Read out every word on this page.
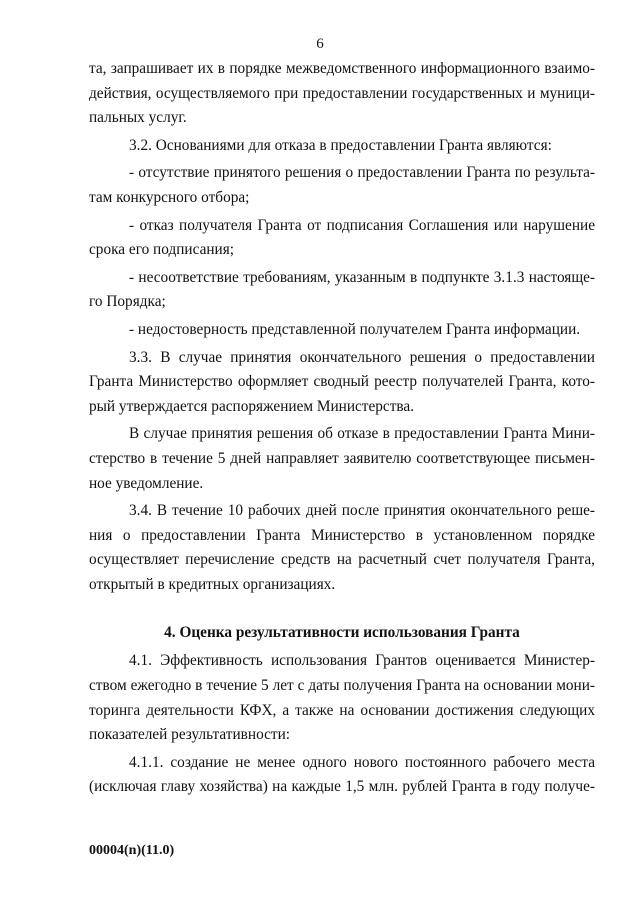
6

та, запрашивает их в порядке межведомственного информационного взаимо-

действия, осуществляемого при предоставлении государственных и муници-

пальных услуг.

3.2. Основаниями для отказа в предоставлении Гранта являются:

- отсутствие принятого решения о предоставлении Гранта по результа-

там конкурсного отбора;

- отказ получателя Гранта от подписания Соглашения или нарушение

срока его подписания;

- несоответствие требованиям, указанным в подпункте 3.1.3 настояще-

го Порядка;

- недостоверность представленной получателем Гранта информации.

3.3. В случае принятия окончательного решения о предоставлении

Гранта Министерство оформляет сводный реестр получателей Гранта, кото-

рый утверждается распоряжением Министерства.

В случае принятия решения об отказе в предоставлении Гранта Мини-

стерство в течение 5 дней направляет заявителю соответствующее письмен-

ное уведомление.

3.4. В течение 10 рабочих дней после принятия окончательного реше-

ния о предоставлении Гранта Министерство в установленном порядке

осуществляет перечисление средств на расчетный счет получателя Гранта,

открытый в кредитных организациях.

4. Оценка результативности использования Гранта

4.1. Эффективность использования Грантов оценивается Министер-

ством ежегодно в течение 5 лет с даты получения Гранта на основании мони-

торинга деятельности КФХ, а также на основании достижения следующих

показателей результативности:

4.1.1. создание не менее одного нового постоянного рабочего места

(исключая главу хозяйства) на каждые 1,5 млн. рублей Гранта в году получе-

00004(n)(11.0)
